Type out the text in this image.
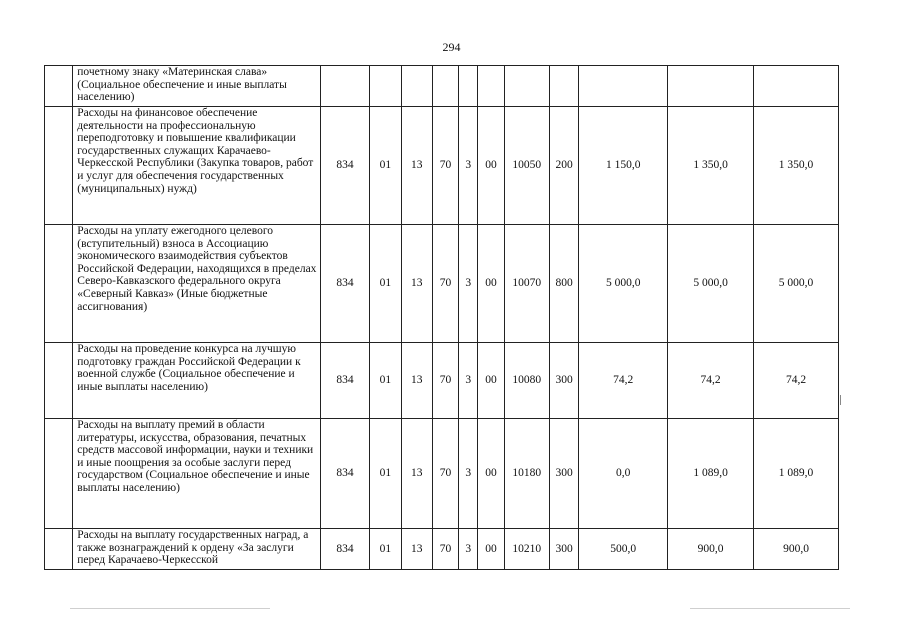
294
	почетному знаку «Материнская слава» (Социальное обеспечение и иные выплаты населению)											
	Расходы на финансовое обеспечение деятельности на профессиональную переподготовку и повышение квалификации государственных служащих Карачаево-Черкесской Республики (Закупка товаров, работ и услуг для обеспечения государственных (муниципальных) нужд)	834	01	13	70	3	00	10050	200	1 150,0	1 350,0	1 350,0
	Расходы на уплату ежегодного целевого (вступительный) взноса в Ассоциацию экономического взаимодействия субъектов Российской Федерации, находящихся в пределах Северо-Кавказского федерального округа «Северный Кавказ» (Иные бюджетные ассигнования)	834	01	13	70	3	00	10070	800	5 000,0	5 000,0	5 000,0
	Расходы на проведение конкурса на лучшую подготовку граждан Российской Федерации к военной службе (Социальное обеспечение и иные выплаты населению)	834	01	13	70	3	00	10080	300	74,2	74,2	74,2
	Расходы на выплату премий в области литературы, искусства, образования, печатных средств массовой информации, науки и техники и иные поощрения за особые заслуги перед государством (Социальное обеспечение и иные выплаты населению)	834	01	13	70	3	00	10180	300	0,0	1 089,0	1 089,0
	Расходы на выплату государственных наград, а также вознаграждений к ордену «За заслуги перед Карачаево-Черкесской	834	01	13	70	3	00	10210	300	500,0	900,0	900,0
